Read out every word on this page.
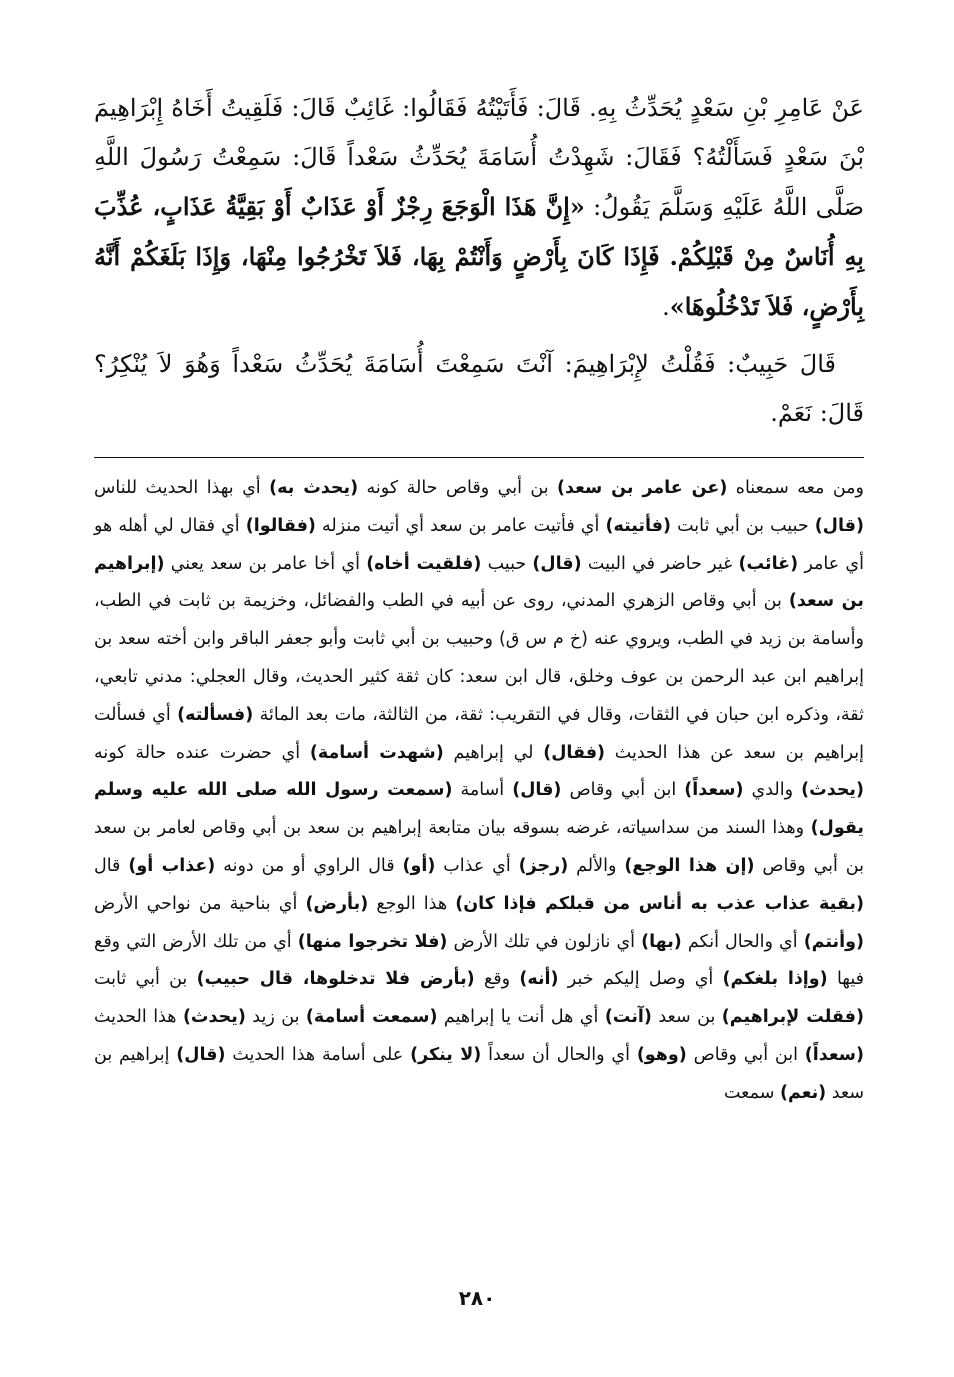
عَنْ عَامِرِ بْنِ سَعْدٍ يُحَدِّثُ بِهِ. قَالَ: فَأَتَيْتُهُ فَقَالُوا: غَائِبٌ قَالَ: فَلَقِيتُ أَخَاهُ إِبْرَاهِيمَ بْنَ سَعْدٍ فَسَأَلْتُهُ؟ فَقَالَ: شَهِدْتُ أُسَامَةَ يُحَدِّثُ سَعْداً قَالَ: سَمِعْتُ رَسُولَ اللَّهِ صَلَّى اللَّهُ عَلَيْهِ وَسَلَّمَ يَقُولُ: «إِنَّ هَذَا الْوَجَعَ رِجْزٌ أَوْ عَذَابٌ أَوْ بَقِيَّةُ عَذَابٍ، عُذِّبَ بِهِ أُنَاسٌ مِنْ قَبْلِكُمْ. فَإِذَا كَانَ بِأَرْضٍ وَأَنْتُمْ بِهَا، فَلاَ تَخْرُجُوا مِنْهَا، وَإِذَا بَلَغَكُمْ أَنَّهُ بِأَرْضٍ، فَلاَ تَدْخُلُوهَا».

قَالَ حَبِيبٌ: فَقُلْتُ لإِبْرَاهِيمَ: آنْتَ سَمِعْتَ أُسَامَةَ يُحَدِّثُ سَعْداً وَهُوَ لاَ يُنْكِرُ؟ قَالَ: نَعَمْ.

ومن معه سمعناه (عن عامر بن سعد) بن أبي وقاص حالة كونه (يحدث به) أي بهذا الحديث للناس (قال) حبيب بن أبي ثابت (فأتيته) أي فأتيت عامر بن سعد أي أتيت منزله (فقالوا) أي فقال لي أهله هو أي عامر (غائب) غير حاضر في البيت (قال) حبيب (فلقيت أخاه) أي أخا عامر بن سعد يعني (إبراهيم بن سعد) بن أبي وقاص الزهري المدني، روى عن أبيه في الطب والفضائل، وخزيمة بن ثابت في الطب، وأسامة بن زيد في الطب، ويروي عنه (خ م س ق) وحبيب بن أبي ثابت وأبو جعفر الباقر وابن أخته سعد بن إبراهيم ابن عبد الرحمن بن عوف وخلق، قال ابن سعد: كان ثقة كثير الحديث، وقال العجلي: مدني تابعي، ثقة، وذكره ابن حبان في الثقات، وقال في التقريب: ثقة، من الثالثة، مات بعد المائة (فسألته) أي فسألت إبراهيم بن سعد عن هذا الحديث (فقال) لي إبراهيم (شهدت أسامة) أي حضرت عنده حالة كونه (يحدث) والدي (سعداً) ابن أبي وقاص (قال) أسامة (سمعت رسول الله صلى الله عليه وسلم يقول) وهذا السند من سداسياته، غرضه بسوقه بيان متابعة إبراهيم بن سعد بن أبي وقاص لعامر بن سعد بن أبي وقاص (إن هذا الوجع) والألم (رجز) أي عذاب (أو) قال الراوي أو من دونه (عذاب أو) قال (بقية عذاب عذب به أناس من قبلكم فإذا كان) هذا الوجع (بأرض) أي بناحية من نواحي الأرض (وأنتم) أي والحال أنكم (بها) أي نازلون في تلك الأرض (فلا تخرجوا منها) أي من تلك الأرض التي وقع فيها (وإذا بلغكم) أي وصل إليكم خبر (أنه) وقع (بأرض فلا تدخلوها، قال حبيب) بن أبي ثابت (فقلت لإبراهيم) بن سعد (آنت) أي هل أنت يا إبراهيم (سمعت أسامة) بن زيد (يحدث) هذا الحديث (سعداً) ابن أبي وقاص (وهو) أي والحال أن سعداً (لا ينكر) على أسامة هذا الحديث (قال) إبراهيم بن سعد (نعم) سمعت

٢٨٠
